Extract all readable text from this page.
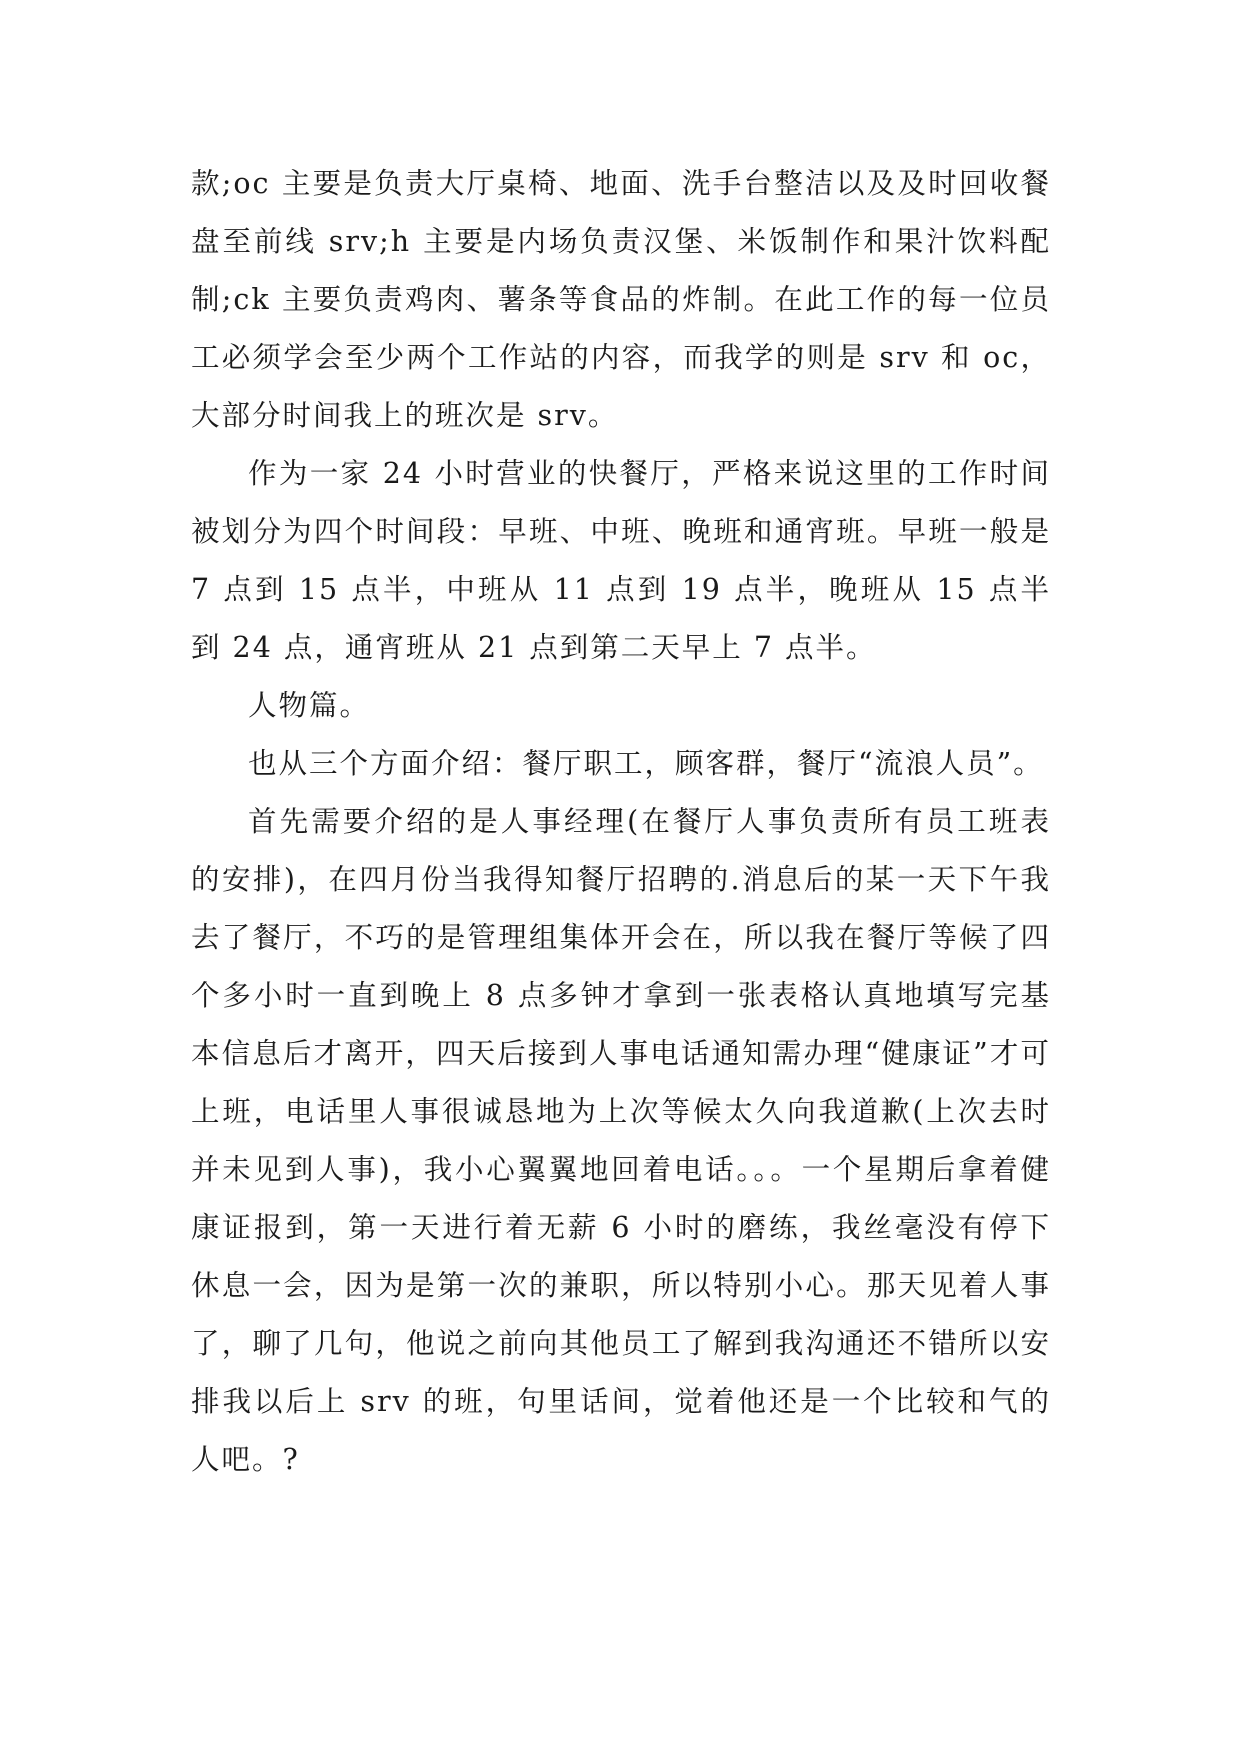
款;oc 主要是负责大厅桌椅、地面、洗手台整洁以及及时回收餐盘至前线 srv;h 主要是内场负责汉堡、米饭制作和果汁饮料配制;ck 主要负责鸡肉、薯条等食品的炸制。在此工作的每一位员工必须学会至少两个工作站的内容，而我学的则是 srv 和 oc，大部分时间我上的班次是 srv。

作为一家 24 小时营业的快餐厅，严格来说这里的工作时间被划分为四个时间段：早班、中班、晚班和通宵班。早班一般是 7 点到 15 点半，中班从 11 点到 19 点半，晚班从 15 点半到 24 点，通宵班从 21 点到第二天早上 7 点半。

人物篇。

也从三个方面介绍：餐厅职工，顾客群，餐厅“流浪人员”。

首先需要介绍的是人事经理(在餐厅人事负责所有员工班表的安排)，在四月份当我得知餐厅招聘的.消息后的某一天下午我去了餐厅，不巧的是管理组集体开会在，所以我在餐厅等候了四个多小时一直到晚上 8 点多钟才拿到一张表格认真地填写完基本信息后才离开，四天后接到人事电话通知需办理“健康证”才可上班，电话里人事很诚恳地为上次等候太久向我道歉(上次去时并未见到人事)，我小心翼翼地回着电话。。。一个星期后拿着健康证报到，第一天进行着无薪 6 小时的磨练，我丝毫没有停下休息一会，因为是第一次的兼职，所以特别小心。那天见着人事了，聊了几句，他说之前向其他员工了解到我沟通还不错所以安排我以后上 srv 的班，句里话间，觉着他还是一个比较和气的人吧。?
